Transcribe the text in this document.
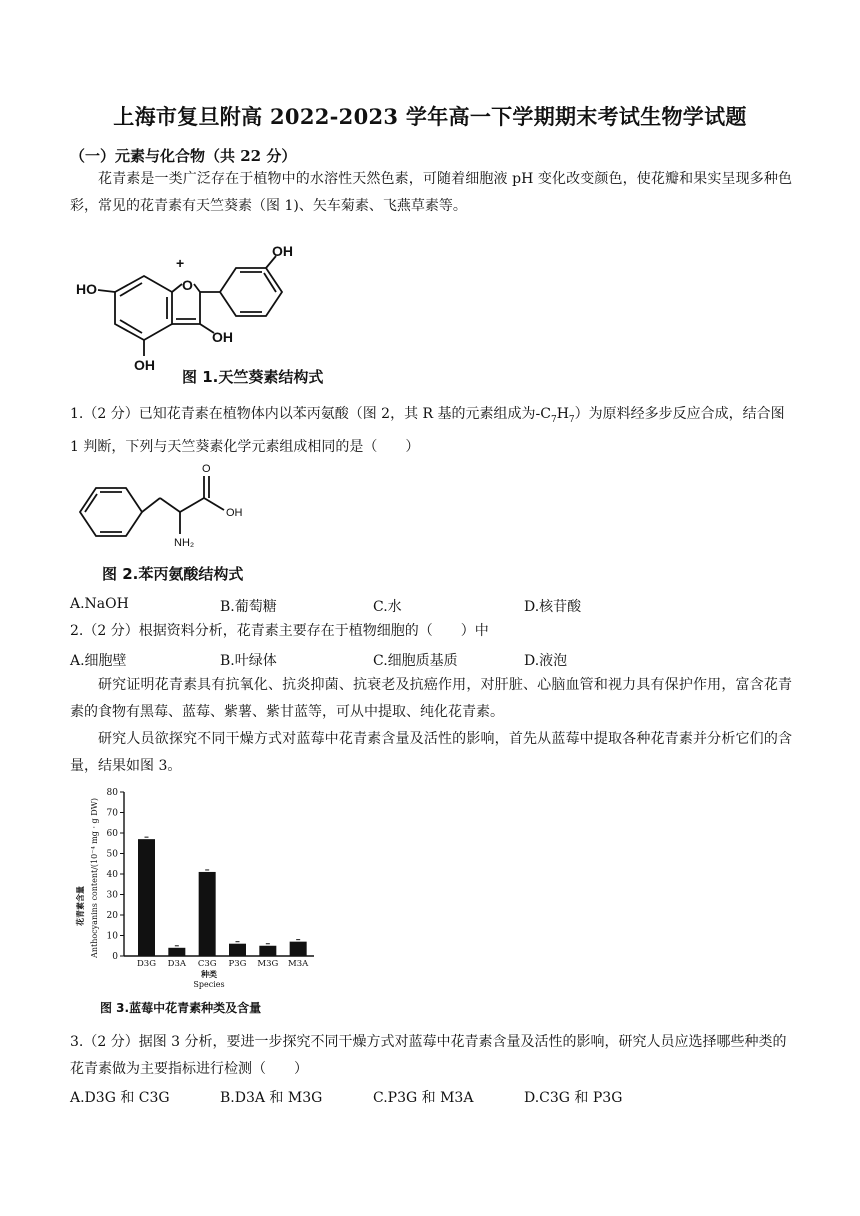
上海市复旦附高 2022-2023 学年高一下学期期末考试生物学试题
（一）元素与化合物（共 22 分）
花青素是一类广泛存在于植物中的水溶性天然色素，可随着细胞液 pH 变化改变颜色，使花瓣和果实呈现多种色彩，常见的花青素有天竺葵素（图 1)、矢车菊素、飞燕草素等。
OH
HO	O
+
OH
OH
图 1.天竺葵素结构式
1.（2 分）已知花青素在植物体内以苯丙氨酸（图 2，其 R 基的元素组成为$-C_7H_7$）为原料经多步反应合成，结合图 1 判断，下列与天竺葵素化学元素组成相同的是（　　）
O
OH
NH₂
图 2.苯丙氨酸结构式
A.NaOH	B.葡萄糖	C.水	D.核苷酸
2.（2 分）根据资料分析，花青素主要存在于植物细胞的（　　）中
A.细胞壁	B.叶绿体	C.细胞质基质	D.液泡
研究证明花青素具有抗氧化、抗炎抑菌、抗衰老及抗癌作用，对肝脏、心脑血管和视力具有保护作用，富含花青素的食物有黑莓、蓝莓、紫薯、紫甘蓝等，可从中提取、纯化花青素。
研究人员欲探究不同干燥方式对蓝莓中花青素含量及活性的影响，首先从蓝莓中提取各种花青素并分析它们的含量，结果如图 3。
花青素含量 Anthocyanins content/(10⁻⁴ mg · g DW) 0
10
20
30
40
50
60
70
80
D3G D3A C3G P3G M3G M3A
种类
Species
图 3.蓝莓中花青素种类及含量
3.（2 分）据图 3 分析，要进一步探究不同干燥方式对蓝莓中花青素含量及活性的影响，研究人员应选择哪些种类的花青素做为主要指标进行检测（　　）
A.D3G 和 C3G	B.D3A 和 M3G	C.P3G 和 M3A	D.C3G 和 P3G
